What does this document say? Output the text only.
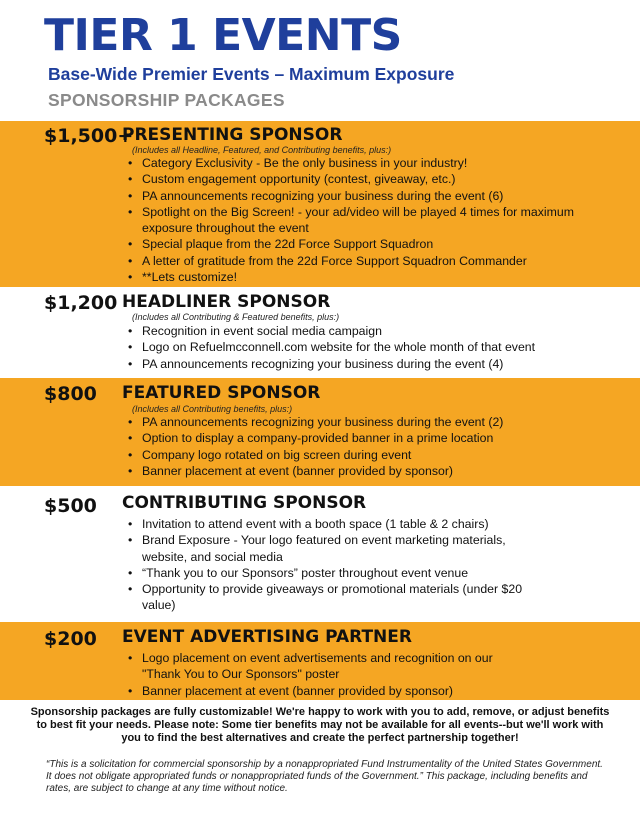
TIER 1 EVENTS
Base-Wide Premier Events – Maximum Exposure
SPONSORSHIP PACKAGES
$1,500+
PRESENTING SPONSOR
(Includes all Headline, Featured, and Contributing benefits, plus:)
• Category Exclusivity - Be the only business in your industry!
• Custom engagement opportunity (contest, giveaway, etc.)
• PA announcements recognizing your business during the event (6)
• Spotlight on the Big Screen! - your ad/video will be played 4 times for maximum exposure throughout the event
• Special plaque from the 22d Force Support Squadron
• A letter of gratitude from the 22d Force Support Squadron Commander
• **Lets customize!
$1,200 HEADLINER SPONSOR
(Includes all Contributing & Featured benefits, plus:)
• Recognition in event social media campaign
• Logo on Refuelmcconnell.com website for the whole month of that event
• PA announcements recognizing your business during the event (4)
$800 FEATURED SPONSOR
(Includes all Contributing benefits, plus:)
• PA announcements recognizing your business during the event (2)
• Option to display a company-provided banner in a prime location
• Company logo rotated on big screen during event
• Banner placement at event (banner provided by sponsor)
$500 CONTRIBUTING SPONSOR
• Invitation to attend event with a booth space (1 table & 2 chairs)
• Brand Exposure - Your logo featured on event marketing materials, website, and social media
• “Thank you to our Sponsors” poster throughout event venue
• Opportunity to provide giveaways or promotional materials (under $20 value)
$200 EVENT ADVERTISING PARTNER
• Logo placement on event advertisements and recognition on our "Thank You to Our Sponsors" poster
• Banner placement at event (banner provided by sponsor)
Sponsorship packages are fully customizable! We're happy to work with you to add, remove, or adjust benefits to best fit your needs. Please note: Some tier benefits may not be available for all events--but we'll work with you to find the best alternatives and create the perfect partnership together!
“This is a solicitation for commercial sponsorship by a nonappropriated Fund Instrumentality of the United States Government. It does not obligate appropriated funds or nonappropriated funds of the Government.” This package, including benefits and rates, are subject to change at any time without notice.
